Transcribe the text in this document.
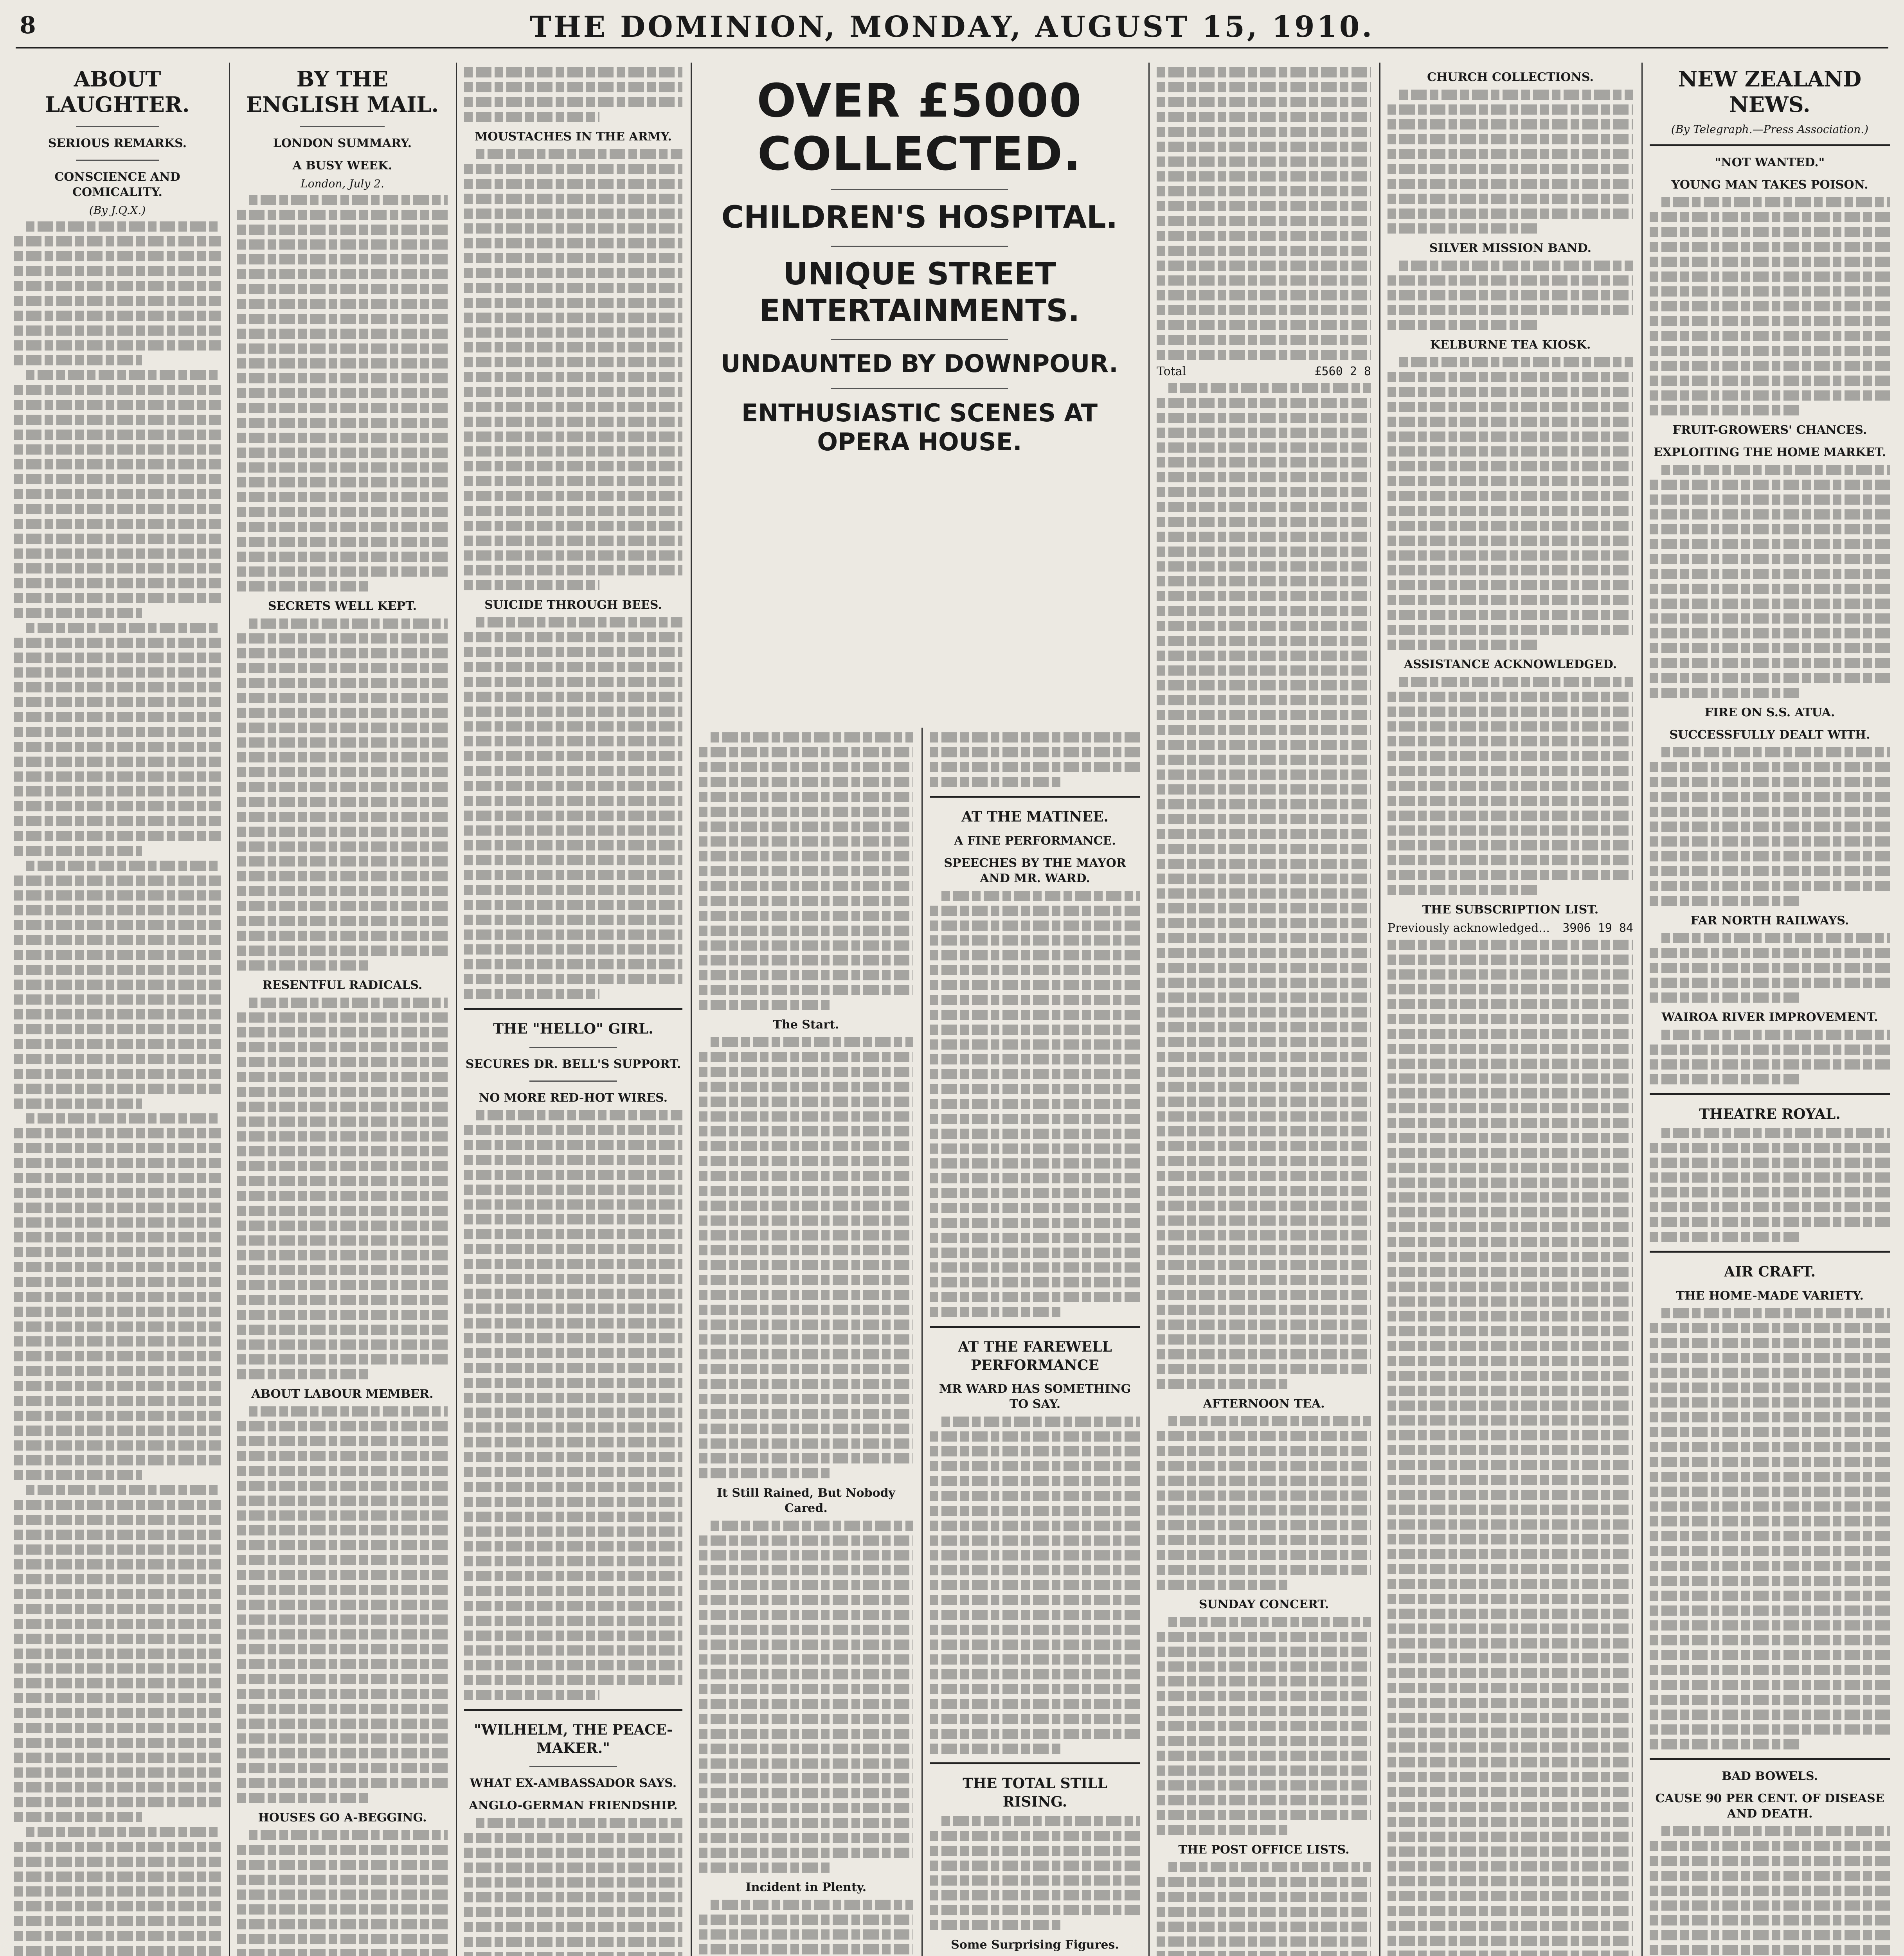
8	THE DOMINION, MONDAY, AUGUST 15, 1910.
ABOUT LAUGHTER.
SERIOUS REMARKS.
CONSCIENCE AND COMICALITY.
(By J.Q.X.)
BY THE ENGLISH MAIL.
LONDON SUMMARY.
A BUSY WEEK.
London, July 2.
SECRETS WELL KEPT.
RESENTFUL RADICALS.
ABOUT LABOUR MEMBER.
HOUSES GO A-BEGGING.
MOUSTACHES IN THE ARMY.
SUICIDE THROUGH BEES.
THE "HELLO" GIRL.
SECURES DR. BELL'S SUPPORT.
NO MORE RED-HOT WIRES.
"WILHELM, THE PEACE-MAKER."
WHAT EX-AMBASSADOR SAYS.
ANGLO-GERMAN FRIENDSHIP.
OVER £5000 COLLECTED.
CHILDREN'S HOSPITAL.
UNIQUE STREET ENTERTAINMENTS.
UNDAUNTED BY DOWNPOUR.
ENTHUSIASTIC SCENES AT OPERA HOUSE.
The Start.
It Still Rained, But Nobody Cared.
Incident in Plenty.
AT THE MATINEE.
A FINE PERFORMANCE.
SPEECHES BY THE MAYOR AND MR. WARD.
AT THE FAREWELL PERFORMANCE
MR WARD HAS SOMETHING TO SAY.
THE TOTAL STILL RISING.
Some Surprising Figures.
Total	£560 2 8
AFTERNOON TEA.
SUNDAY CONCERT.
THE POST OFFICE LISTS.
CHURCH COLLECTIONS.
SILVER MISSION BAND.
KELBURNE TEA KIOSK.
ASSISTANCE ACKNOWLEDGED.
THE SUBSCRIPTION LIST.
Previously acknowledged... 3906 19 84
NEW ZEALAND NEWS.
(By Telegraph.—Press Association.)
"NOT WANTED."
YOUNG MAN TAKES POISON.
FRUIT-GROWERS' CHANCES.
EXPLOITING THE HOME MARKET.
FIRE ON S.S. ATUA.
SUCCESSFULLY DEALT WITH.
FAR NORTH RAILWAYS.
WAIROA RIVER IMPROVEMENT.
THEATRE ROYAL.
AIR CRAFT.
THE HOME-MADE VARIETY.
BAD BOWELS.
CAUSE 90 PER CENT. OF DISEASE AND DEATH.
